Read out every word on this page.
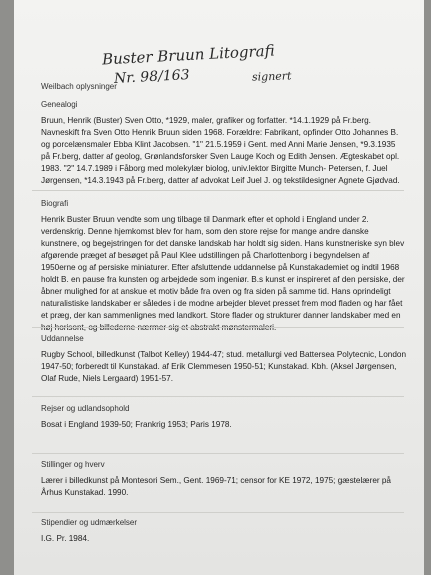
Buster Bruun Litografi
Nr. 98/163	signert
Weilbach oplysninger
Genealogi

Bruun, Henrik (Buster) Sven Otto, *1929, maler, grafiker og forfatter. *14.1.1929 på Fr.berg. Navneskift fra Sven Otto Henrik Bruun siden 1968. Forældre: Fabrikant, opfinder Otto Johannes B. og porcelænsmaler Ebba Klint Jacobsen. "1" 21.5.1959 i Gent. med Anni Marie Jensen, *9.3.1935 på Fr.berg, datter af geolog, Grønlandsforsker Sven Lauge Koch og Edith Jensen. Ægteskabet opl. 1983. "2" 14.7.1989 i Fåborg med molekylær biolog, univ.lektor Birgitte Munch- Petersen, f. Juel Jørgensen, *14.3.1943 på Fr.berg, datter af advokat Leif Juel J. og tekstildesigner Agnete Gjødvad.

Biografi

Henrik Buster Bruun vendte som ung tilbage til Danmark efter et ophold i England under 2. verdenskrig. Denne hjemkomst blev for ham, som den store rejse for mange andre danske kunstnere, og begejstringen for det danske landskab har holdt sig siden. Hans kunstneriske syn blev afgørende præget af besøget på Paul Klee udstillingen på Charlottenborg i begyndelsen af 1950erne og af persiske miniaturer. Efter afsluttende uddannelse på Kunstakademiet og indtil 1968 holdt B. en pause fra kunsten og arbejdede som ingeniør. B.s kunst er inspireret af den persiske, der åbner mulighed for at anskue et motiv både fra oven og fra siden på samme tid. Hans oprindeligt naturalistiske landskaber er således i de modne arbejder blevet presset frem mod fladen og har fået et præg, der kan sammenlignes med landkort. Store flader og strukturer danner landskaber med en

Uddannelse

Rugby School, billedkunst (Talbot Kelley) 1944-47; stud. metallurgi ved Battersea Polytecnic, London 1947-50; forberedt til Kunstakad. af Erik Clemmesen 1950-51; Kunstakad. Kbh. (Aksel Jørgensen, Olaf Rude, Niels Lergaard) 1951-57.

Rejser og udlandsophold

Bosat i England 1939-50; Frankrig 1953; Paris 1978.

Stillinger og hverv

Lærer i billedkunst på Montesori Sem., Gent. 1969-71; censor for KE 1972, 1975; gæstelærer på Århus Kunstakad. 1990.

Stipendier og udmærkelser

I.G. Pr. 1984.
